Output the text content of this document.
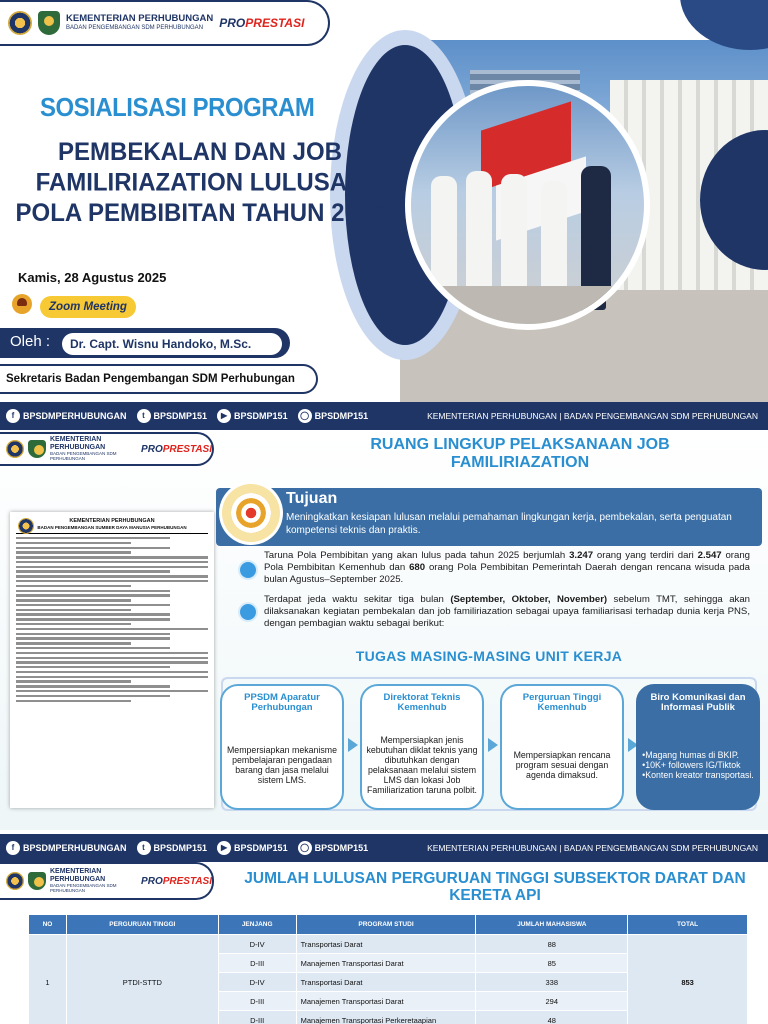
KEMENTERIAN PERHUBUNGAN
BADAN PENGEMBANGAN SDM PERHUBUNGAN	PROPRESTASI
SOSIALISASI PROGRAM
PEMBEKALAN DAN JOB
FAMILIRIAZATION LULUSAN
POLA PEMBIBITAN TAHUN 2025
Kamis, 28 Agustus 2025
Zoom Meeting
Oleh :	Dr. Capt. Wisnu Handoko, M.Sc.
Sekretaris Badan Pengembangan SDM Perhubungan
f BPSDMPERHUBUNGAN	t BPSDMP151	▶ BPSDMP151	◯ BPSDMP151	KEMENTERIAN PERHUBUNGAN | BADAN PENGEMBANGAN SDM PERHUBUNGAN
KEMENTERIAN PERHUBUNGAN
BADAN PENGEMBANGAN SDM PERHUBUNGAN
PROPRESTASI	RUANG LINGKUP PELAKSANAAN JOB FAMILIRIAZATION
KEMENTERIAN PERHUBUNGAN
BADAN PENGEMBANGAN SUMBER DAYA MANUSIA PERHUBUNGAN
Tujuan
Meningkatkan kesiapan lulusan melalui pemahaman lingkungan kerja, pembekalan, serta penguatan kompetensi teknis dan praktis.
Taruna Pola Pembibitan yang akan lulus pada tahun 2025 berjumlah 3.247 orang yang terdiri dari 2.547 orang Pola Pembibitan Kemenhub dan 680 orang Pola Pembibitan Pemerintah Daerah dengan rencana wisuda pada bulan Agustus–September 2025.
Terdapat jeda waktu sekitar tiga bulan (September, Oktober, November) sebelum TMT, sehingga akan dilaksanakan kegiatan pembekalan dan job familiriazation sebagai upaya familiarisasi terhadap dunia kerja PNS, dengan pembagian waktu sebagai berikut:
TUGAS MASING-MASING UNIT KERJA
PPSDM Aparatur Perhubungan
Mempersiapkan mekanisme pembelajaran pengadaan barang dan jasa melalui sistem LMS.
Direktorat Teknis Kemenhub
Mempersiapkan jenis kebutuhan diklat teknis yang dibutuhkan dengan pelaksanaan melalui sistem LMS dan lokasi Job Familiarization taruna polbit.
Perguruan Tinggi Kemenhub
Mempersiapkan rencana program sesuai dengan agenda dimaksud.
Biro Komunikasi dan Informasi Publik
• Magang humas di BKIP.
• 10K+ followers IG/Tiktok
• Konten kreator transportasi.
f BPSDMPERHUBUNGAN	t BPSDMP151	▶ BPSDMP151	◯ BPSDMP151	KEMENTERIAN PERHUBUNGAN | BADAN PENGEMBANGAN SDM PERHUBUNGAN
KEMENTERIAN PERHUBUNGAN
BADAN PENGEMBANGAN SDM PERHUBUNGAN
PROPRESTASI	JUMLAH LULUSAN PERGURUAN TINGGI SUBSEKTOR DARAT DAN KERETA API
NO	PERGURUAN TINGGI	JENJANG	PROGRAM STUDI	JUMLAH MAHASISWA	TOTAL
1	PTDI-STTD	D-IV	Transportasi Darat	88	853
		D-III	Manajemen Transportasi Darat	85	
		D-IV	Transportasi Darat	338	
		D-III	Manajemen Transportasi Darat	294	
		D-III	Manajemen Transportasi Perkeretaapian	48	
